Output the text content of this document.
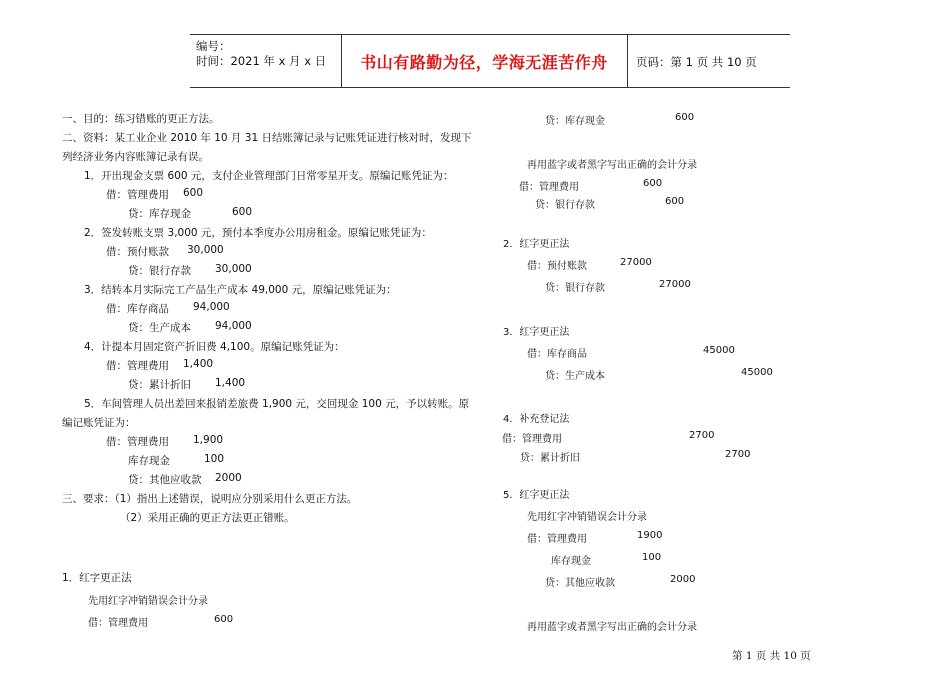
编号：
时间：2021 年 x 月 x 日	书山有路勤为径，学海无涯苦作舟	页码：第 1 页 共 10 页
一、目的：练习错账的更正方法。
二、资料：某工业企业 2010 年 10 月 31 日结账簿记录与记账凭证进行核对时，发现下
列经济业务内容账簿记录有误。
1．开出现金支票 600 元，支付企业管理部门日常零星开支。原编记账凭证为：
借：管理费用 600
贷：库存现金	600
2．签发转账支票 3,000 元，预付本季度办公用房租金。原编记账凭证为：
借：预付账款 30,000
贷：银行存款 30,000
3．结转本月实际完工产品生产成本 49,000 元，原编记账凭证为：
借：库存商品 94,000
贷：生产成本 94,000
4．计提本月固定资产折旧费 4,100。原编记账凭证为：
借：管理费用 1,400
贷：累计折旧 1,400
5．车间管理人员出差回来报销差旅费 1,900 元，交回现金 100 元，予以转账。原
编记账凭证为：
借：管理费用 1,900
库存现金	100
贷：其他应收款 2000
三、要求：（1）指出上述错误，说明应分别采用什么更正方法。
（2）采用正确的更正方法更正错账。
1．红字更正法
先用红字冲销错误会计分录
借：管理费用	600
贷：库存现金	600
再用蓝字或者黑字写出正确的会计分录
借：管理费用	600
贷：银行存款	600
2．红字更正法
借：预付账款	27000
贷：银行存款	27000
3．红字更正法
借：库存商品	45000
贷：生产成本	45000
4．补充登记法
借：管理费用	2700
贷：累计折旧	2700
5．红字更正法
先用红字冲销错误会计分录
借：管理费用	1900
库存现金	100
贷：其他应收款	2000
再用蓝字或者黑字写出正确的会计分录
第 1 页 共 10 页
